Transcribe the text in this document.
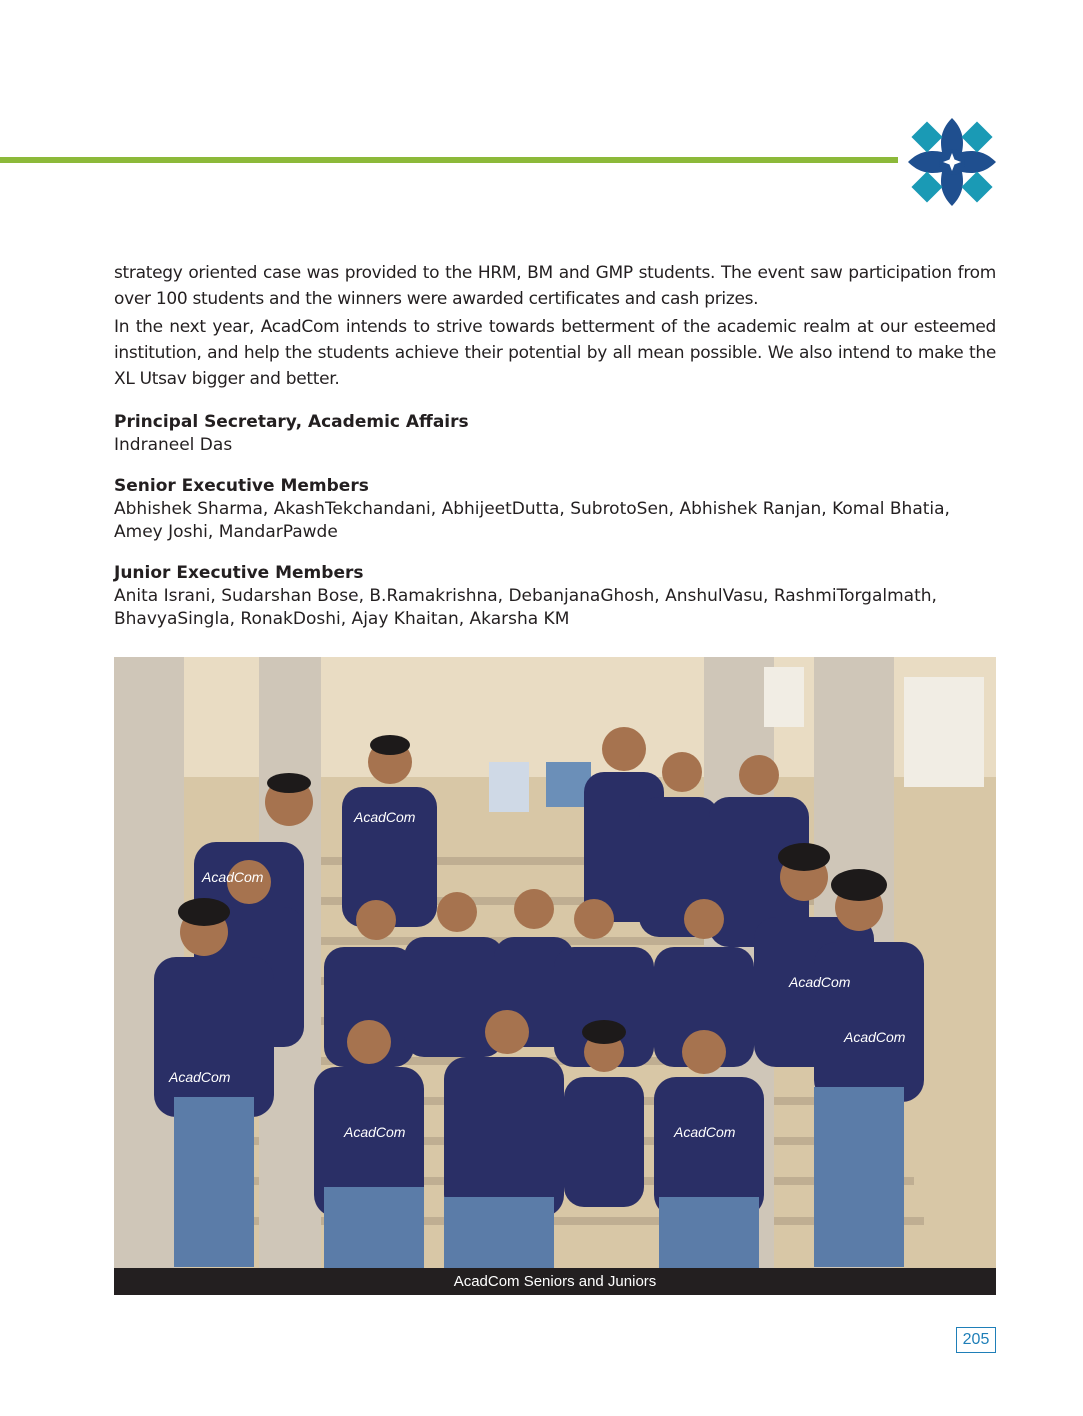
strategy oriented case was provided to the HRM, BM and GMP students. The event saw participation from over 100 students and the winners were awarded certificates and cash prizes.

In the next year, AcadCom intends to strive towards betterment of the academic realm at our esteemed institution, and help the students achieve their potential by all mean possible. We also intend to make the XL Utsav bigger and better.

Principal Secretary, Academic Affairs
Indraneel Das
Senior Executive Members
Abhishek Sharma, AkashTekchandani, AbhijeetDutta, SubrotoSen, Abhishek Ranjan, Komal Bhatia, Amey Joshi, MandarPawde
Junior Executive Members
Anita Israni, Sudarshan Bose, B.Ramakrishna, DebanjanaGhosh, AnshulVasu, RashmiTorgalmath, BhavyaSingla, RonakDoshi, Ajay Khaitan, Akarsha KM
AcadCom
AcadCom
AcadCom	AcadCom
AcadCom
AcadCom
AcadCom
AcadCom Seniors and Juniors
205
